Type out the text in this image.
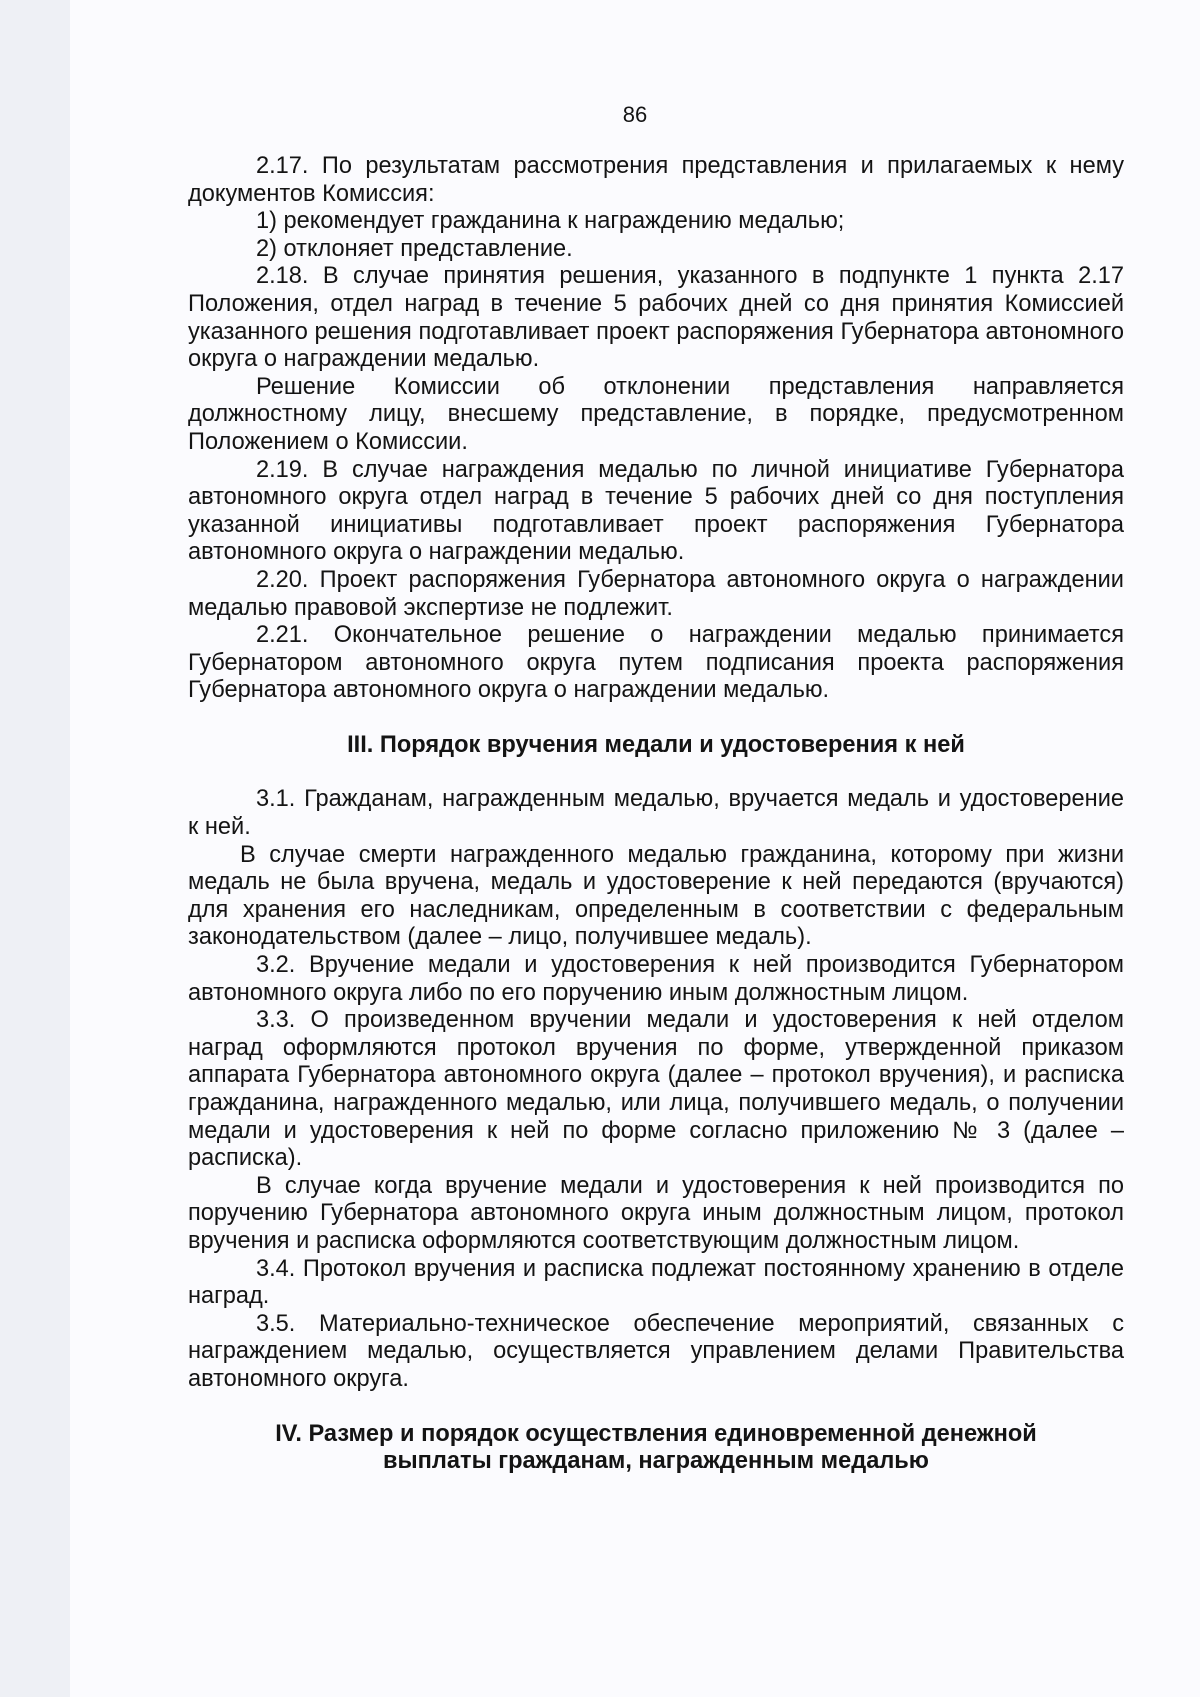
86

2.17. По результатам рассмотрения представления и прилагаемых к нему документов Комиссия:

1) рекомендует гражданина к награждению медалью;

2) отклоняет представление.

2.18. В случае принятия решения, указанного в подпункте 1 пункта 2.17 Положения, отдел наград в течение 5 рабочих дней со дня принятия Комиссией указанного решения подготавливает проект распоряжения Губернатора автономного округа о награждении медалью.

Решение Комиссии об отклонении представления направляется должностному лицу, внесшему представление, в порядке, предусмотренном Положением о Комиссии.

2.19. В случае награждения медалью по личной инициативе Губернатора автономного округа отдел наград в течение 5 рабочих дней со дня поступления указанной инициативы подготавливает проект распоряжения Губернатора автономного округа о награждении медалью.

2.20. Проект распоряжения Губернатора автономного округа о награждении медалью правовой экспертизе не подлежит.

2.21. Окончательное решение о награждении медалью принимается Губернатором автономного округа путем подписания проекта распоряжения Губернатора автономного округа о награждении медалью.

III. Порядок вручения медали и удостоверения к ней

3.1. Гражданам, награжденным медалью, вручается медаль и удостоверение к ней.

В случае смерти награжденного медалью гражданина, которому при жизни медаль не была вручена, медаль и удостоверение к ней передаются (вручаются) для хранения его наследникам, определенным в соответствии с федеральным законодательством (далее – лицо, получившее медаль).

3.2. Вручение медали и удостоверения к ней производится Губернатором автономного округа либо по его поручению иным должностным лицом.

3.3. О произведенном вручении медали и удостоверения к ней отделом наград оформляются протокол вручения по форме, утвержденной приказом аппарата Губернатора автономного округа (далее – протокол вручения), и расписка гражданина, награжденного медалью, или лица, получившего медаль, о получении медали и удостоверения к ней по форме согласно приложению № 3 (далее – расписка).

В случае когда вручение медали и удостоверения к ней производится по поручению Губернатора автономного округа иным должностным лицом, протокол вручения и расписка оформляются соответствующим должностным лицом.

3.4. Протокол вручения и расписка подлежат постоянному хранению в отделе наград.

3.5. Материально-техническое обеспечение мероприятий, связанных с награждением медалью, осуществляется управлением делами Правительства автономного округа.

IV. Размер и порядок осуществления единовременной денежной
выплаты гражданам, награжденным медалью
